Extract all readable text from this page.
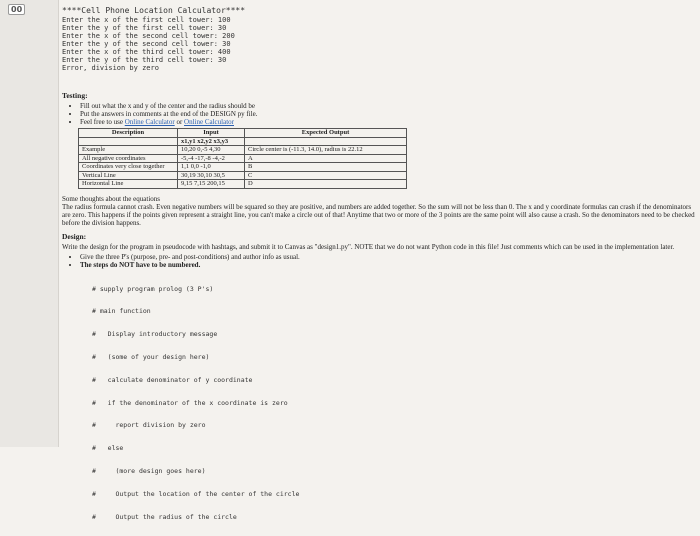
00	****Cell Phone Location Calculator****
Enter the x of the first cell tower: 100
Enter the y of the first cell tower: 30
Enter the x of the second cell tower: 200
Enter the y of the second cell tower: 30
Enter the x of the third cell tower: 400
Enter the y of the third cell tower: 30
Error, division by zero
Testing:
• Fill out what the x and y of the center and the radius should be
• Put the answers in comments at the end of the DESIGN py file.
• Feel free to use Online Calculator or Online Calculator
Description	Input	Expected Output
	x1,y1 x2,y2 x3,y3	
Example	10,20 0,-5 4,30	Circle center is (-11.3, 14.0), radius is 22.12
All negative coordinates	-5,-4 -17,-8 -4,-2	A
Coordinates very close together	1,1 0,0 -1,0	B
Vertical Line	30,19 30,10 30,5	C
Horizontal Line	9,15 7,15 200,15	D
Some thoughts about the equations
The radius formula cannot crash. Even negative numbers will be squared so they are positive, and numbers are added together. So the sum will not be less than 0. The x and y coordinate formulas can crash if the denominators are zero. This happens if the points given represent a straight line, you can't make a circle out of that! Anytime that two or more of the 3 points are the same point will also cause a crash. So the denominators need to be checked before the division happens.
Design:
Write the design for the program in pseudocode with hashtags, and submit it to Canvas as "design1.py". NOTE that we do not want Python code in this file! Just comments which can be used in the implementation later.
• Give the three P's (purpose, pre- and post-conditions) and author info as usual.
• The steps do NOT have to be numbered.

# supply program prolog (3 P's)

# main function

#   Display introductory message

#   (some of your design here)

#   calculate denominator of y coordinate

#   if the denominator of the x coordinate is zero

#     report division by zero

#   else

#     (more design goes here)

#     Output the location of the center of the circle

#     Output the radius of the circle
